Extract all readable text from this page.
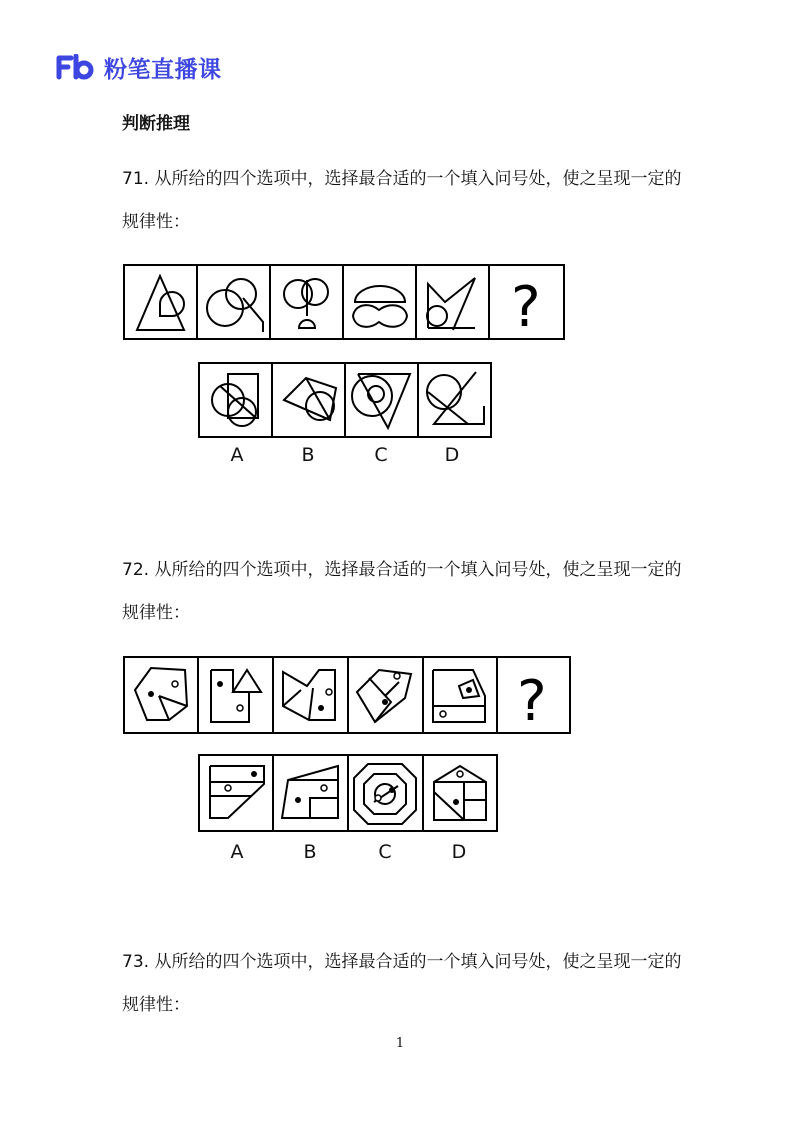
粉笔直播课
判断推理
71. 从所给的四个选项中，选择最合适的一个填入问号处，使之呈现一定的规律性：
?
A	B	C	D
72. 从所给的四个选项中，选择最合适的一个填入问号处，使之呈现一定的规律性：
?
A	B	C	D
73. 从所给的四个选项中，选择最合适的一个填入问号处，使之呈现一定的规律性：
1
